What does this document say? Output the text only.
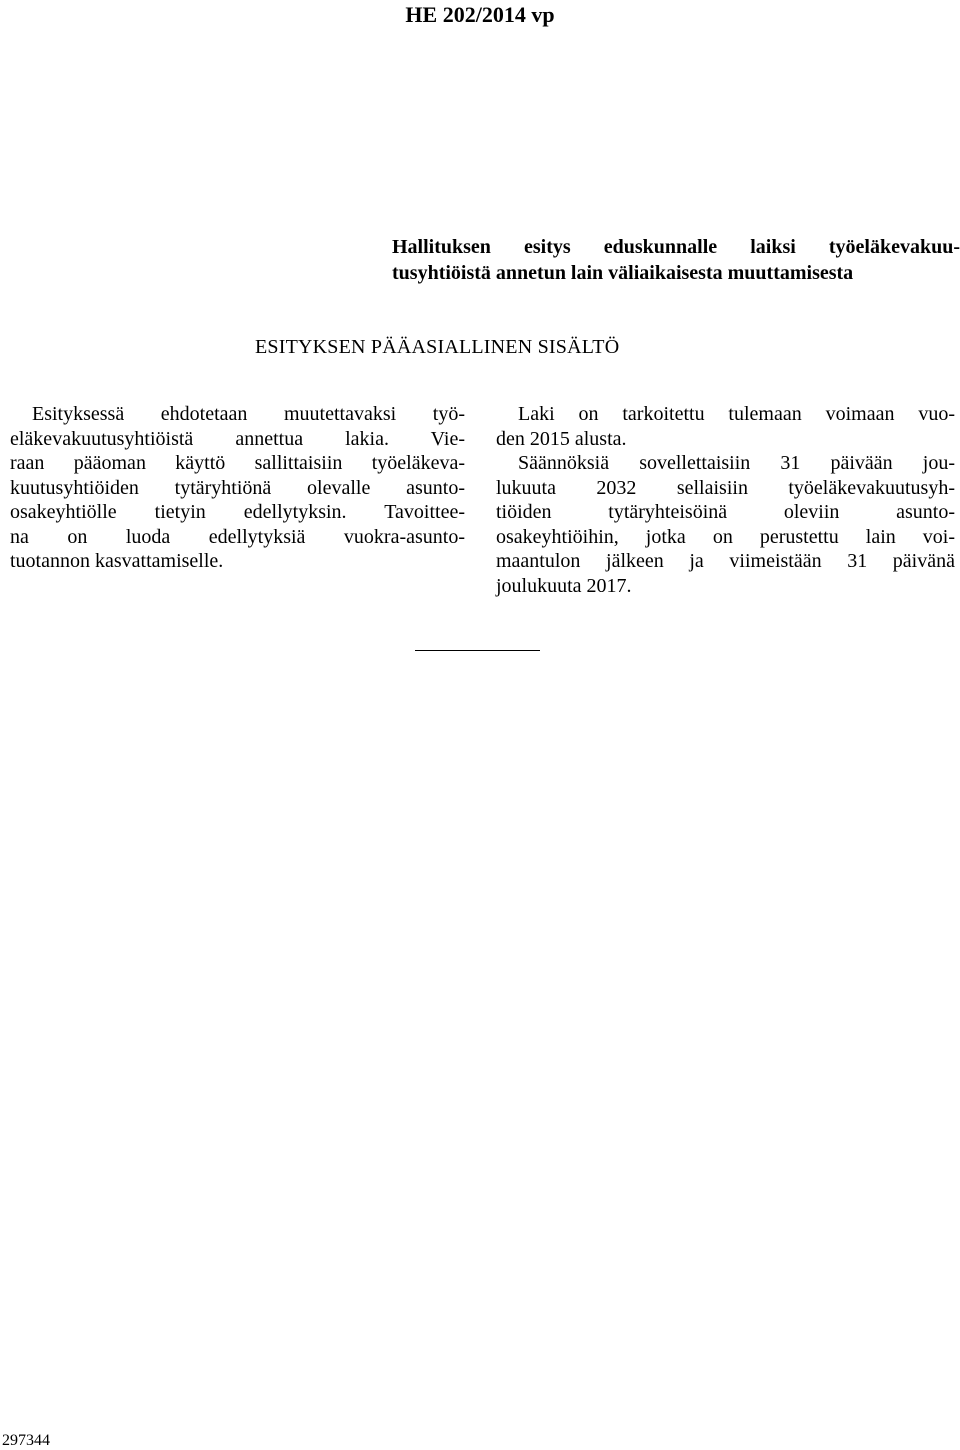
HE 202/2014 vp
Hallituksen esitys eduskunnalle laiksi työeläkevakuu-
tusyhtiöistä annetun lain väliaikaisesta muuttamisesta
ESITYKSEN PÄÄASIALLINEN SISÄLTÖ
Esityksessä ehdotetaan muutettavaksi työ-
eläkevakuutusyhtiöistä annettua lakia. Vie-
raan pääoman käyttö sallittaisiin työeläkeva-
kuutusyhtiöiden tytäryhtiönä olevalle asunto-
osakeyhtiölle tietyin edellytyksin. Tavoittee-
na on luoda edellytyksiä vuokra-asunto-
tuotannon kasvattamiselle.
Laki on tarkoitettu tulemaan voimaan vuo-
den 2015 alusta.
Säännöksiä sovellettaisiin 31 päivään jou-
lukuuta 2032 sellaisiin työeläkevakuutusyh-
tiöiden tytäryhteisöinä oleviin asunto-
osakeyhtiöihin, jotka on perustettu lain voi-
maantulon jälkeen ja viimeistään 31 päivänä
joulukuuta 2017.
297344
